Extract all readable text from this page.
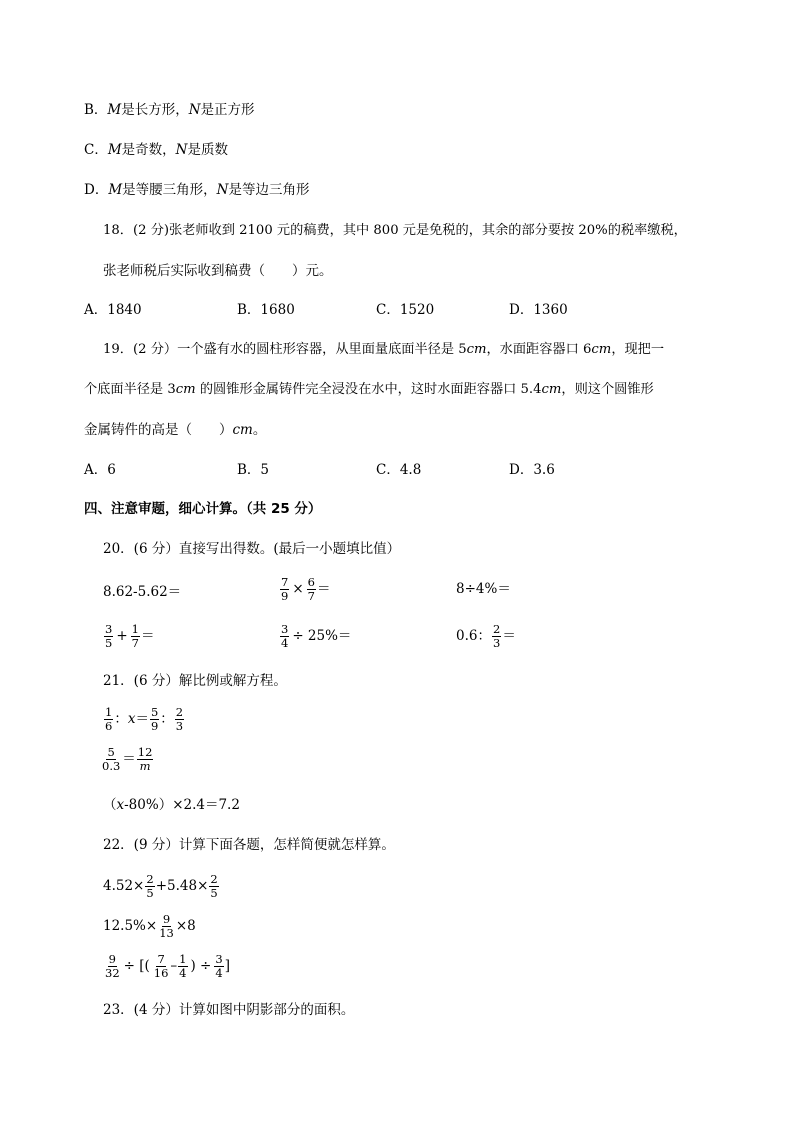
B．M是长方形，N是正方形
C．M是奇数，N是质数
D．M是等腰三角形，N是等边三角形
18．(2 分)张老师收到 2100 元的稿费，其中 800 元是免税的，其余的部分要按 20%的税率缴税，
张老师税后实际收到稿费（　　）元。
A．1840	B．1680	C．1520	D．1360
19．(2 分）一个盛有水的圆柱形容器，从里面量底面半径是 5cm，水面距容器口 6cm，现把一
个底面半径是 3cm 的圆锥形金属铸件完全浸没在水中，这时水面距容器口 5.4cm，则这个圆锥形
金属铸件的高是（　　）cm。
A．6	B．5	C．4.8	D．3.6
四、注意审题，细心计算。（共 25 分）
20．(6 分）直接写出得数。(最后一小题填比值）
8.62-5.62＝	$\frac{7}{9} \times \frac{6}{7}$ ＝	8÷4%＝
$\frac{3}{5} + \frac{1}{7}$ ＝	$\frac{3}{4} \div 25\%=$	0.6： $\frac{2}{3}$ ＝
21．(6 分）解比例或解方程。
$\frac{1}{6}$ ：$x= \frac{5}{9}$ ： $\frac{2}{3}$
$\frac{5}{0.3} = \frac{12}{m}$
（x-80%）×2.4＝7.2
22．(9 分）计算下面各题，怎样简便就怎样算。
$4.52\times \frac{2}{5} +5.48\times \frac{2}{5}$
$12.5\%\times \frac{9}{13} \times 8$
$\frac{9}{32}$ ÷ [( $\frac{7}{16} - \frac{1}{4}$ ) ÷ $\frac{3}{4}$ ]
23．(4 分）计算如图中阴影部分的面积。
